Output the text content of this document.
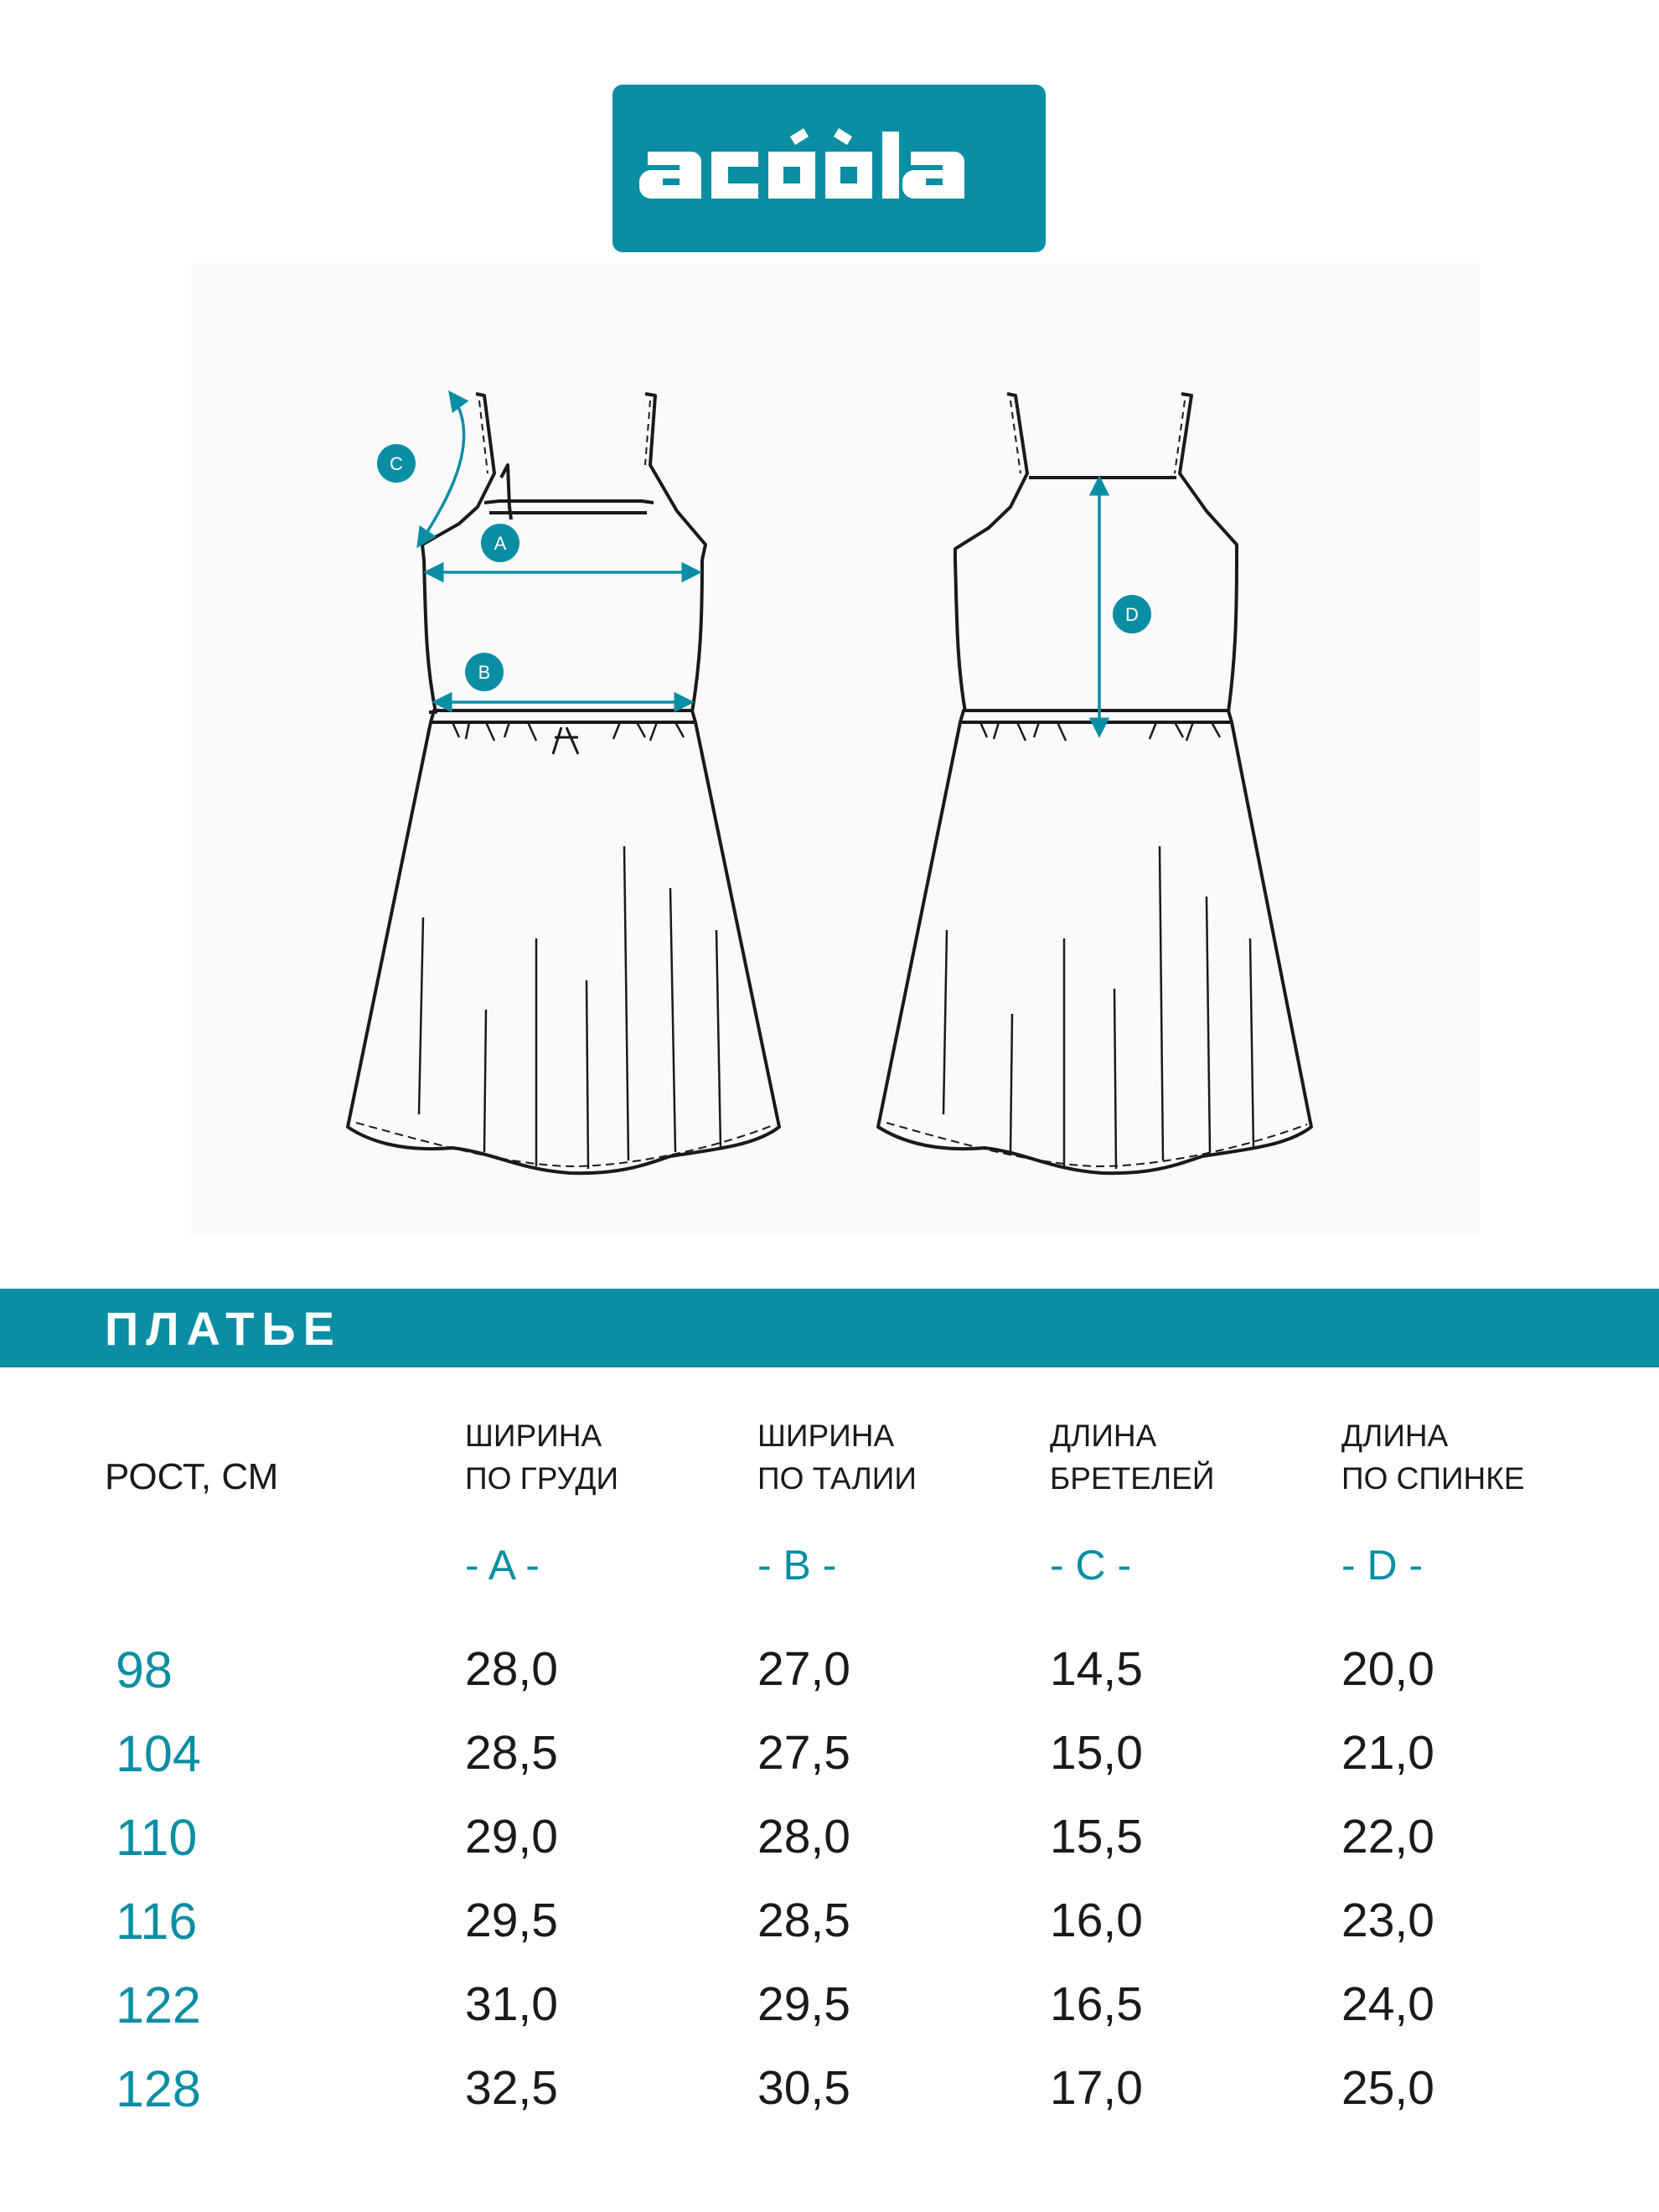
C
A
B
D
ПЛАТЬЕ
РОСТ, СМ
ШИРИНА
ПО ГРУДИ
ШИРИНА
ПО ТАЛИИ
ДЛИНА
БРЕТЕЛЕЙ
ДЛИНА
ПО СПИНКЕ
- A -	- B -	- C -	- D -
98	28,0	27,0	14,5	20,0
104	28,5	27,5	15,0	21,0
110	29,0	28,0	15,5	22,0
116	29,5	28,5	16,0	23,0
122	31,0	29,5	16,5	24,0
128	32,5	30,5	17,0	25,0
